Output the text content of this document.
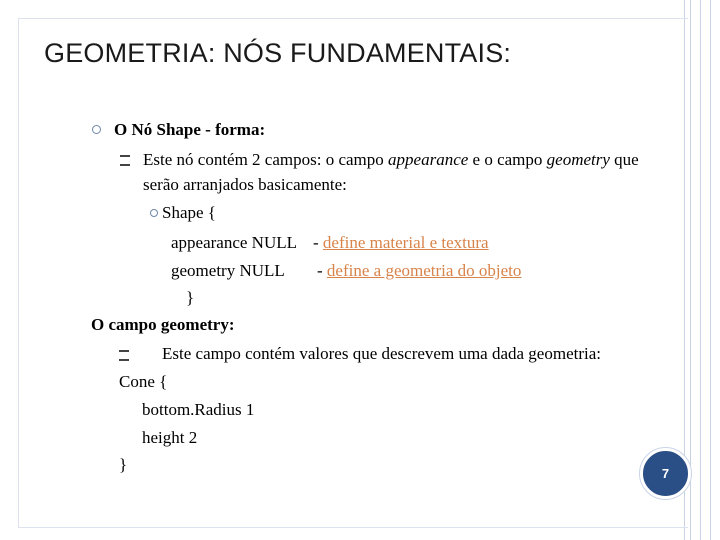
GEOMETRIA: NÓS FUNDAMENTAIS:
O Nó Shape - forma:
Este nó contém 2 campos: o campo appearance e o campo geometry que
serão arranjados basicamente:
Shape {
appearance NULL - define material e textura
geometry NULL - define a geometria do objeto
}
O campo geometry:
Este campo contém valores que descrevem uma dada geometria:
Cone {
bottom.Radius 1
height 2
}	7
